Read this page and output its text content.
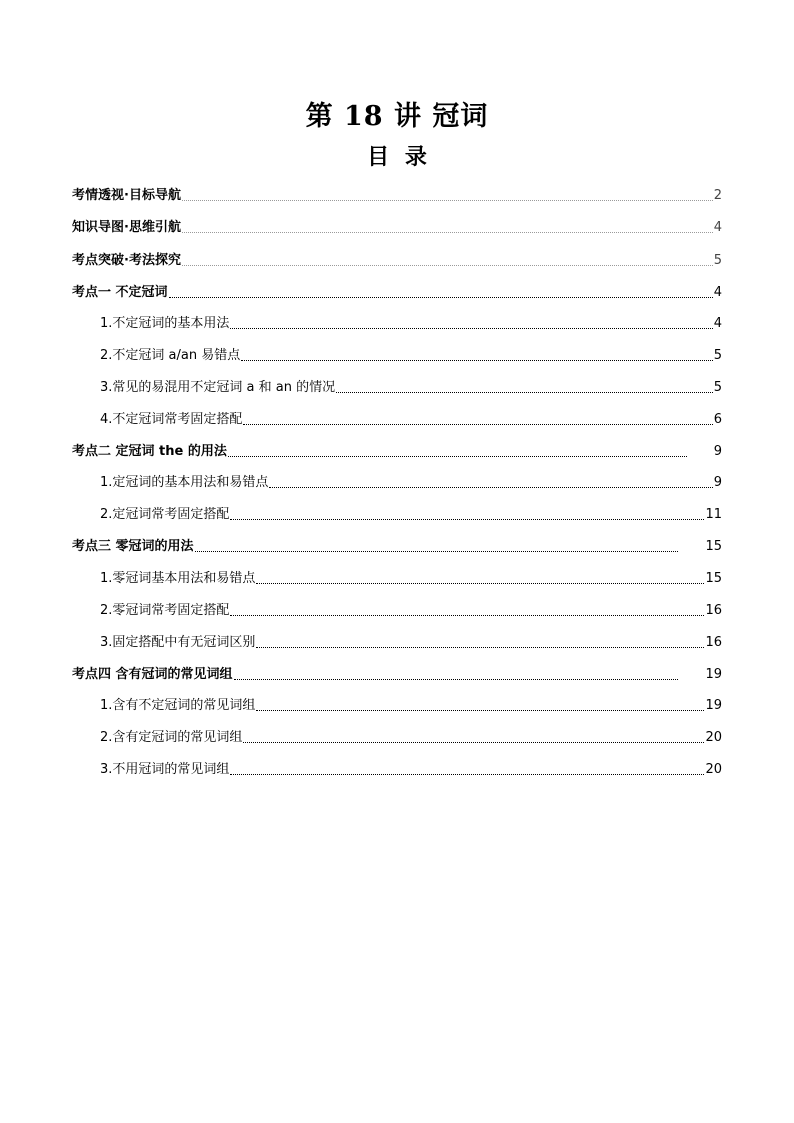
第 18 讲 冠词
目 录
考情透视·目标导航	2
知识导图·思维引航	4
考点突破·考法探究	5
考点一 不定冠词	4
1.不定冠词的基本用法	4
2.不定冠词 a/an 易错点	5
3.常见的易混用不定冠词 a 和 an 的情况	5
4.不定冠词常考固定搭配	6
考点二 定冠词 the 的用法	9
1.定冠词的基本用法和易错点	9
2.定冠词常考固定搭配	11
考点三 零冠词的用法	15
1.零冠词基本用法和易错点	15
2.零冠词常考固定搭配	16
3.固定搭配中有无冠词区别	16
考点四 含有冠词的常见词组	19
1.含有不定冠词的常见词组	19
2.含有定冠词的常见词组	20
3.不用冠词的常见词组	20
